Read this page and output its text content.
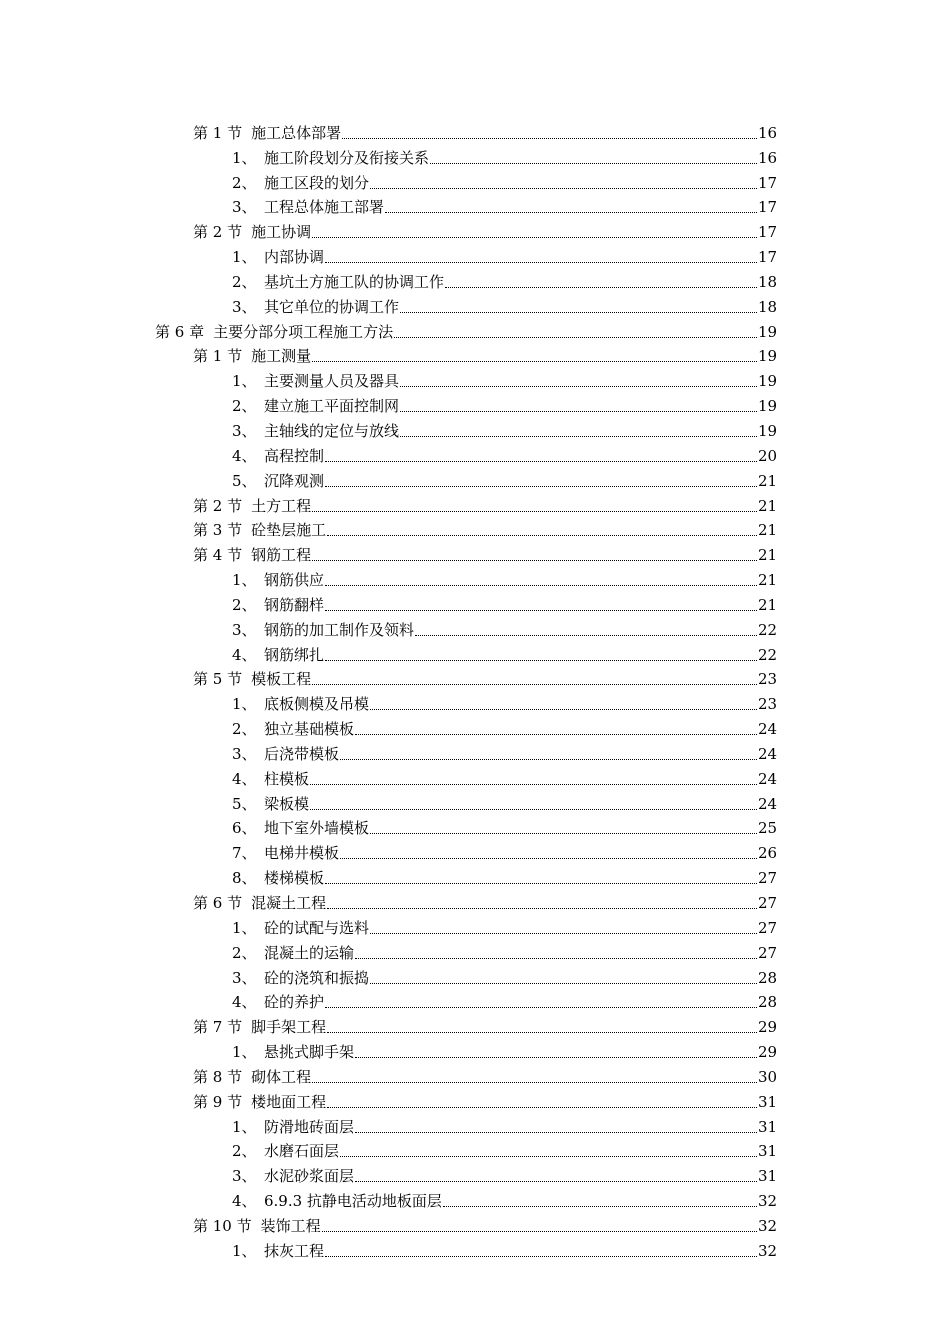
第 1 节 施工总体部署	16
1、 施工阶段划分及衔接关系	16
2、 施工区段的划分	17
3、 工程总体施工部署	17
第 2 节 施工协调	17
1、 内部协调	17
2、 基坑土方施工队的协调工作	18
3、 其它单位的协调工作	18
第 6 章 主要分部分项工程施工方法	19
第 1 节 施工测量	19
1、 主要测量人员及器具	19
2、 建立施工平面控制网	19
3、 主轴线的定位与放线	19
4、 高程控制	20
5、 沉降观测	21
第 2 节 土方工程	21
第 3 节 砼垫层施工	21
第 4 节 钢筋工程	21
1、 钢筋供应	21
2、 钢筋翻样	21
3、 钢筋的加工制作及领料	22
4、 钢筋绑扎	22
第 5 节 模板工程	23
1、 底板侧模及吊模	23
2、 独立基础模板	24
3、 后浇带模板	24
4、 柱模板	24
5、 梁板模	24
6、 地下室外墙模板	25
7、 电梯井模板	26
8、 楼梯模板	27
第 6 节 混凝土工程	27
1、 砼的试配与选料	27
2、 混凝土的运输	27
3、 砼的浇筑和振捣	28
4、 砼的养护	28
第 7 节 脚手架工程	29
1、 悬挑式脚手架	29
第 8 节 砌体工程	30
第 9 节 楼地面工程	31
1、 防滑地砖面层	31
2、 水磨石面层	31
3、 水泥砂浆面层	31
4、 6.9.3 抗静电活动地板面层	32
第 10 节 装饰工程	32
1、 抹灰工程	32
